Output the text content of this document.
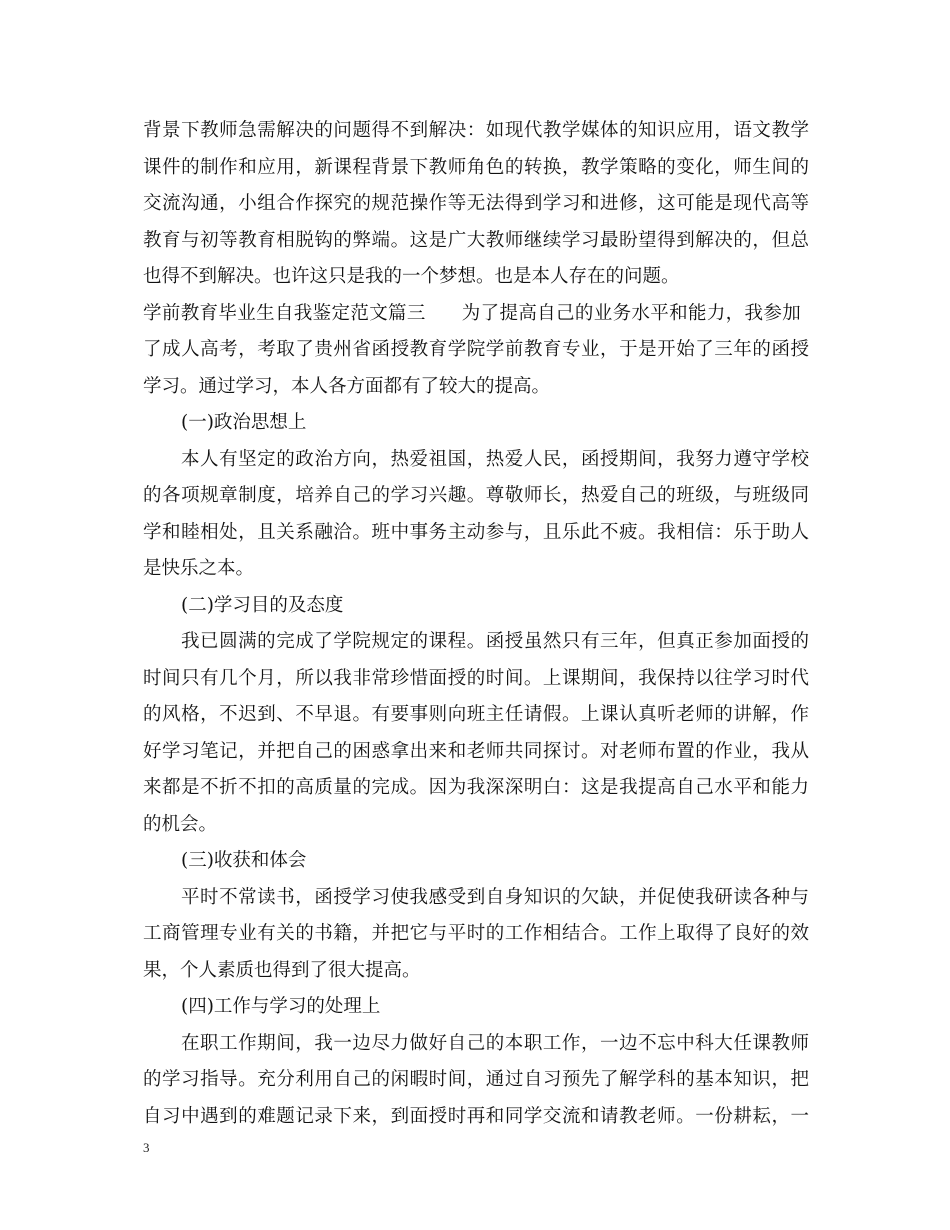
背景下教师急需解决的问题得不到解决：如现代教学媒体的知识应用，语文教学
课件的制作和应用，新课程背景下教师角色的转换，教学策略的变化，师生间的
交流沟通，小组合作探究的规范操作等无法得到学习和进修，这可能是现代高等
教育与初等教育相脱钩的弊端。这是广大教师继续学习最盼望得到解决的，但总
也得不到解决。也许这只是我的一个梦想。也是本人存在的问题。
学前教育毕业生自我鉴定范文篇三 为了提高自己的业务水平和能力，我参加
了成人高考，考取了贵州省函授教育学院学前教育专业，于是开始了三年的函授
学习。通过学习，本人各方面都有了较大的提高。
(一)政治思想上
本人有坚定的政治方向，热爱祖国，热爱人民，函授期间，我努力遵守学校
的各项规章制度，培养自己的学习兴趣。尊敬师长，热爱自己的班级，与班级同
学和睦相处，且关系融洽。班中事务主动参与，且乐此不疲。我相信：乐于助人
是快乐之本。
(二)学习目的及态度
我已圆满的完成了学院规定的课程。函授虽然只有三年，但真正参加面授的
时间只有几个月，所以我非常珍惜面授的时间。上课期间，我保持以往学习时代
的风格，不迟到、不早退。有要事则向班主任请假。上课认真听老师的讲解，作
好学习笔记，并把自己的困惑拿出来和老师共同探讨。对老师布置的作业，我从
来都是不折不扣的高质量的完成。因为我深深明白：这是我提高自己水平和能力
的机会。
(三)收获和体会
平时不常读书，函授学习使我感受到自身知识的欠缺，并促使我研读各种与
工商管理专业有关的书籍，并把它与平时的工作相结合。工作上取得了良好的效
果，个人素质也得到了很大提高。
(四)工作与学习的处理上
在职工作期间，我一边尽力做好自己的本职工作，一边不忘中科大任课教师
的学习指导。充分利用自己的闲暇时间，通过自习预先了解学科的基本知识，把
自习中遇到的难题记录下来，到面授时再和同学交流和请教老师。一份耕耘，一
3
